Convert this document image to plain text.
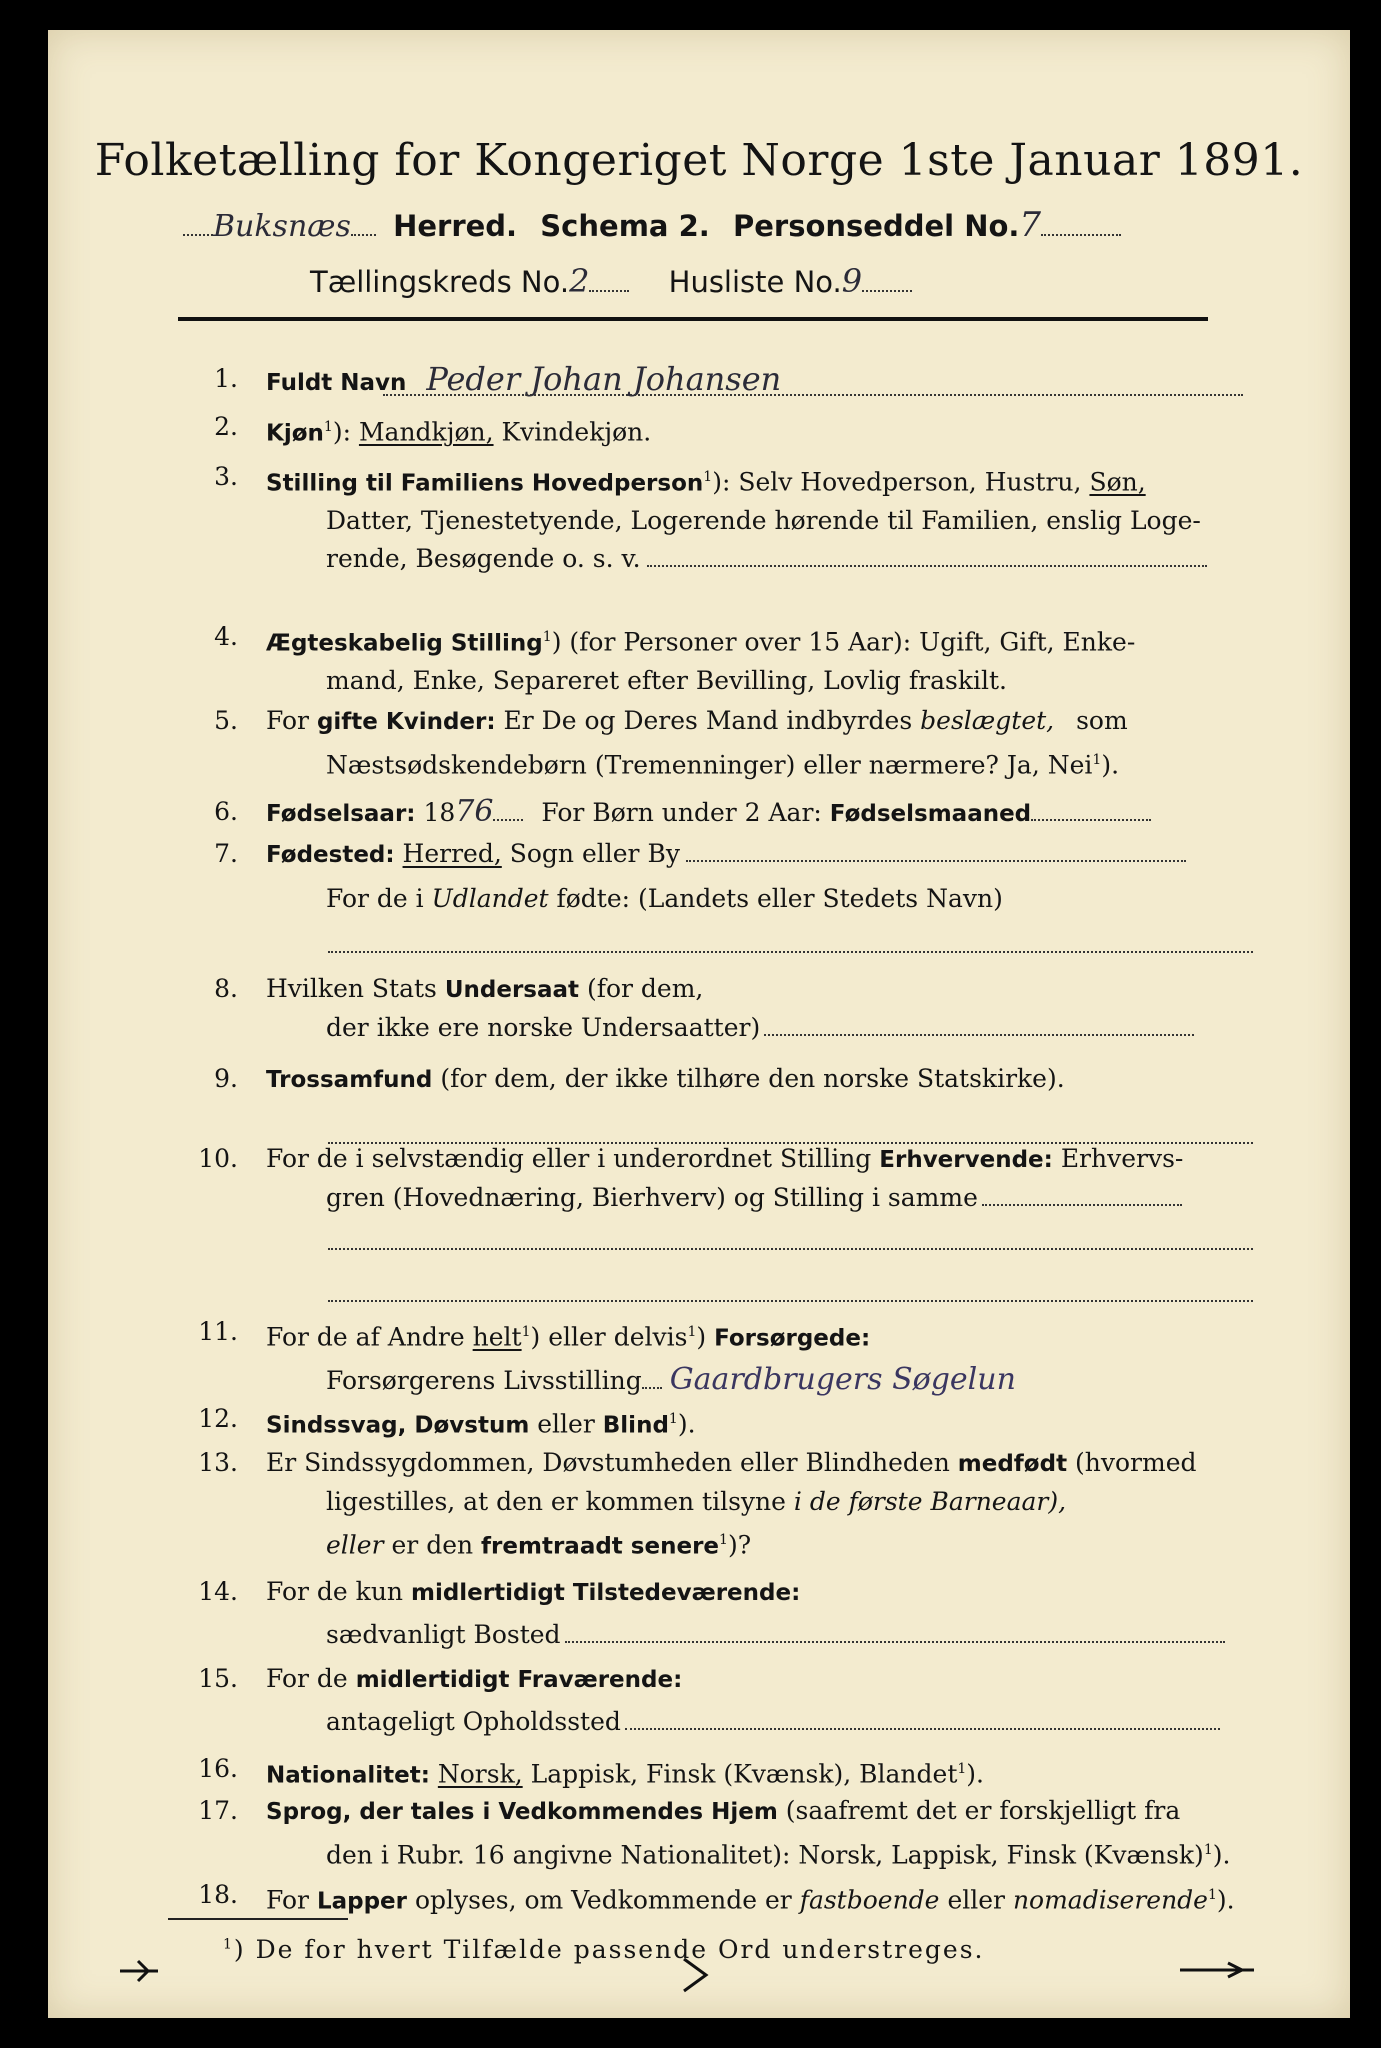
Folketælling for Kongeriget Norge 1ste Januar 1891.
Buksnæs Herred. Schema 2. Personseddel No.7
Tællingskreds No.2	Husliste No.9
1. Fuldt Navn Peder Johan Johansen
2. Kjøn$^1$): Mandkjøn, Kvindekjøn.
3. Stilling til Familiens Hovedperson$^1$): Selv Hovedperson, Hustru, Søn,
Datter, Tjenestetyende, Logerende hørende til Familien, enslig Loge-
rende, Besøgende o. s. v.
4. Ægteskabelig Stilling$^1$) (for Personer over 15 Aar): Ugift, Gift, Enke-
mand, Enke, Separeret efter Bevilling, Lovlig fraskilt.
5. For gifte Kvinder: Er De og Deres Mand indbyrdes beslægtet, som
Næstsødskendebørn (Tremenninger) eller nærmere? Ja, Nei$^1$).
6. Fødselsaar: 1876 For Børn under 2 Aar: Fødselsmaaned
7. Fødested: Herred, Sogn eller By
For de i Udlandet fødte: (Landets eller Stedets Navn)
8. Hvilken Stats Undersaat (for dem,
der ikke ere norske Undersaatter)
9. Trossamfund (for dem, der ikke tilhøre den norske Statskirke).
10. For de i selvstændig eller i underordnet Stilling Erhvervende: Erhvervs-
gren (Hovednæring, Bierhverv) og Stilling i samme
11. For de af Andre helt$^1$) eller delvis$^1$) Forsørgede:
Forsørgerens Livsstilling Gaardbrugers Søgelun
12. Sindssvag, Døvstum eller Blind$^1$).
13. Er Sindssygdommen, Døvstumheden eller Blindheden medfødt (hvormed
ligestilles, at den er kommen tilsyne i de første Barneaar),
eller er den fremtraadt senere$^1$)?
14. For de kun midlertidigt Tilstedeværende:
sædvanligt Bosted
15. For de midlertidigt Fraværende:
antageligt Opholdssted
16. Nationalitet: Norsk, Lappisk, Finsk (Kvænsk), Blandet$^1$).
17. Sprog, der tales i Vedkommendes Hjem (saafremt det er forskjelligt fra
den i Rubr. 16 angivne Nationalitet): Norsk, Lappisk, Finsk (Kvænsk)$^1$).
18. For Lapper oplyses, om Vedkommende er fastboende eller nomadiserende$^1$).
$^1$) De for hvert Tilfælde passende Ord understreges.
